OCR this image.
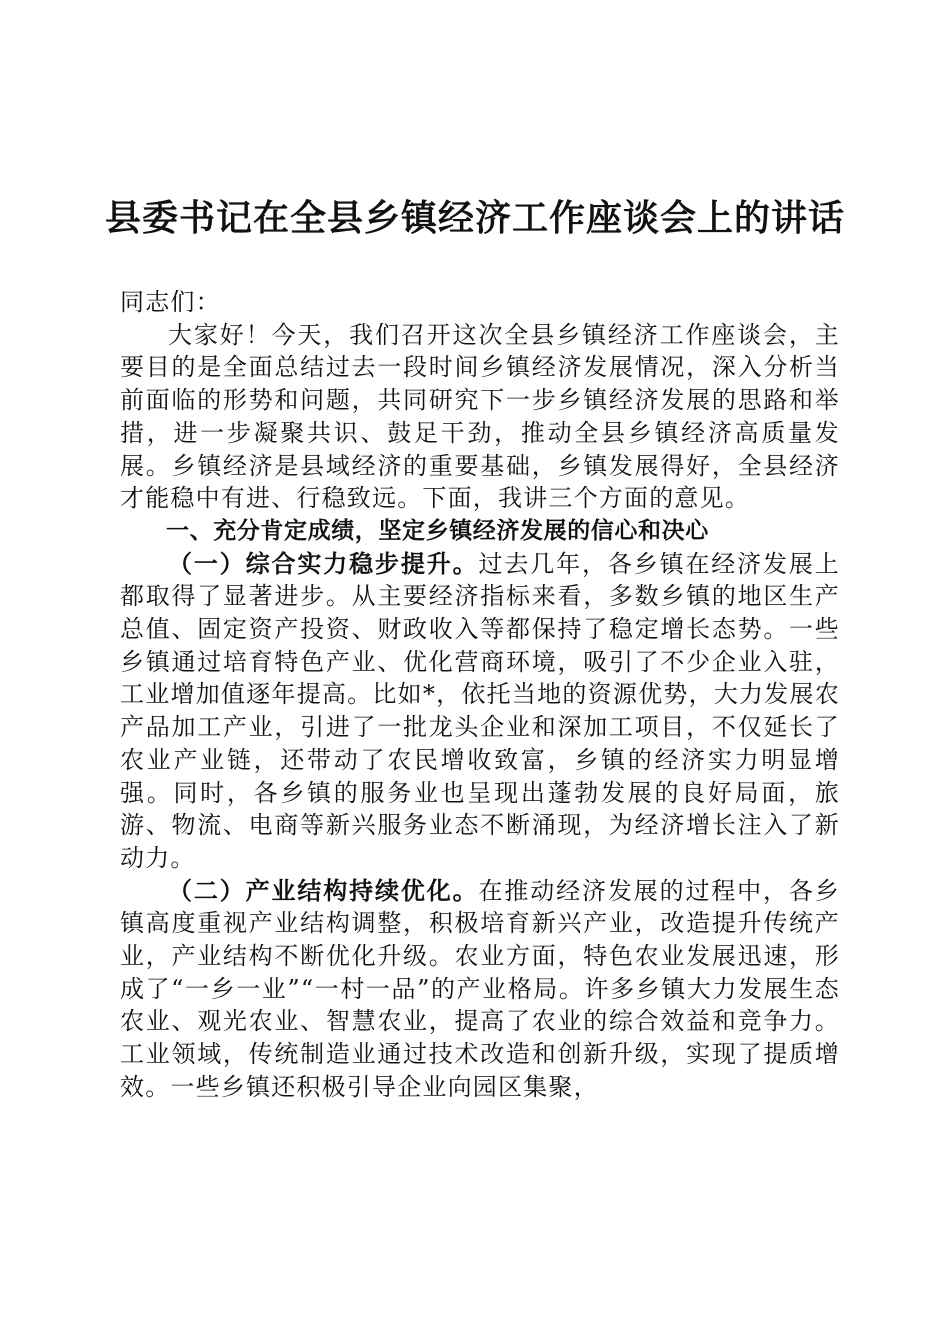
县委书记在全县乡镇经济工作座谈会上的讲话

同志们：

大家好！今天，我们召开这次全县乡镇经济工作座谈会，主要目的是全面总结过去一段时间乡镇经济发展情况，深入分析当前面临的形势和问题，共同研究下一步乡镇经济发展的思路和举措，进一步凝聚共识、鼓足干劲，推动全县乡镇经济高质量发展。乡镇经济是县域经济的重要基础，乡镇发展得好，全县经济才能稳中有进、行稳致远。下面，我讲三个方面的意见。

一、充分肯定成绩，坚定乡镇经济发展的信心和决心

（一）综合实力稳步提升。过去几年，各乡镇在经济发展上都取得了显著进步。从主要经济指标来看，多数乡镇的地区生产总值、固定资产投资、财政收入等都保持了稳定增长态势。一些乡镇通过培育特色产业、优化营商环境，吸引了不少企业入驻，工业增加值逐年提高。比如*，依托当地的资源优势，大力发展农产品加工产业，引进了一批龙头企业和深加工项目，不仅延长了农业产业链，还带动了农民增收致富，乡镇的经济实力明显增强。同时，各乡镇的服务业也呈现出蓬勃发展的良好局面，旅游、物流、电商等新兴服务业态不断涌现，为经济增长注入了新动力。

（二）产业结构持续优化。在推动经济发展的过程中，各乡镇高度重视产业结构调整，积极培育新兴产业，改造提升传统产业，产业结构不断优化升级。农业方面，特色农业发展迅速，形成了“一乡一业”“一村一品”的产业格局。许多乡镇大力发展生态农业、观光农业、智慧农业，提高了农业的综合效益和竞争力。工业领域，传统制造业通过技术改造和创新升级，实现了提质增效。一些乡镇还积极引导企业向园区集聚，
